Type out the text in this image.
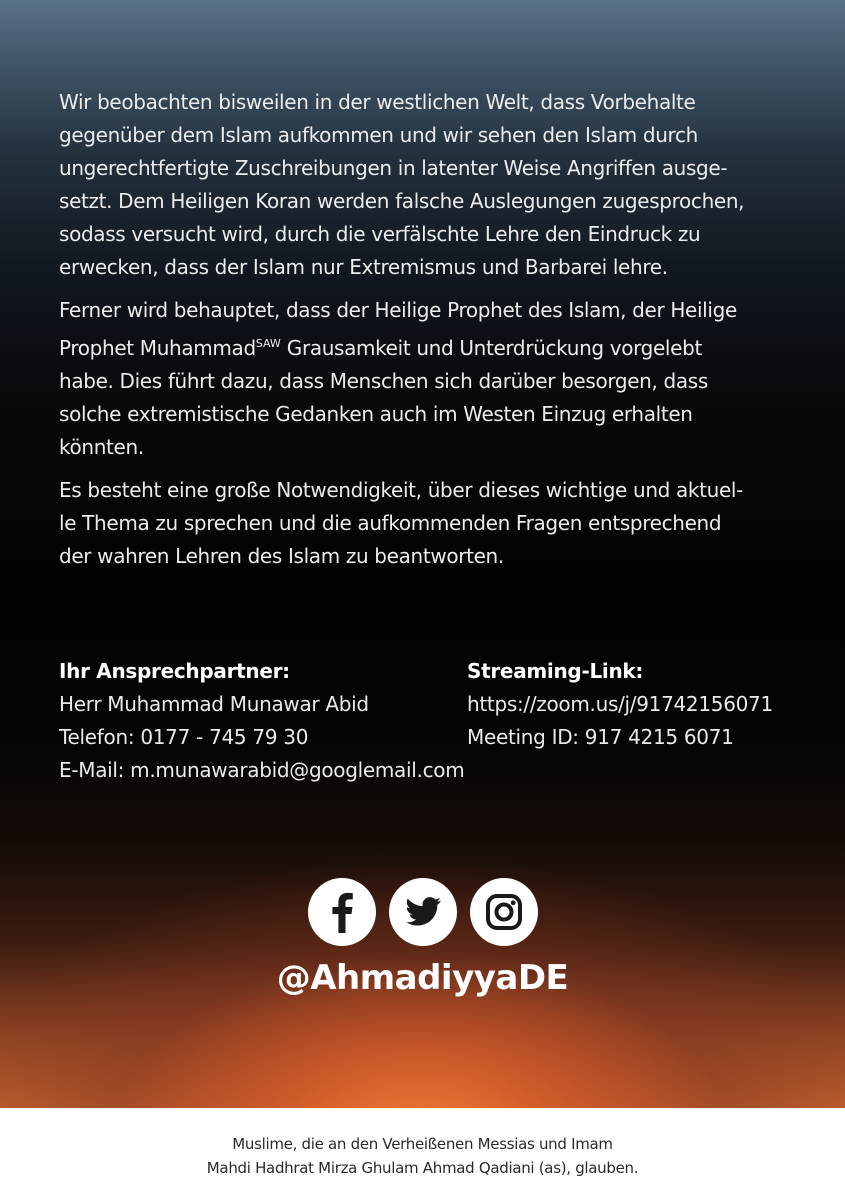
Wir beobachten bisweilen in der westlichen Welt, dass Vorbehalte
gegenüber dem Islam aufkommen und wir sehen den Islam durch
ungerechtfertigte Zuschreibungen in latenter Weise Angriffen ausge-
setzt. Dem Heiligen Koran werden falsche Auslegungen zugesprochen,
sodass versucht wird, durch die verfälschte Lehre den Eindruck zu
erwecken, dass der Islam nur Extremismus und Barbarei lehre.

Ferner wird behauptet, dass der Heilige Prophet des Islam, der Heilige
Prophet Muhammad$^{SAW}$ Grausamkeit und Unterdrückung vorgelebt
habe. Dies führt dazu, dass Menschen sich darüber besorgen, dass
solche extremistische Gedanken auch im Westen Einzug erhalten
könnten.

Es besteht eine große Notwendigkeit, über dieses wichtige und aktuel-
le Thema zu sprechen und die aufkommenden Fragen entsprechend
der wahren Lehren des Islam zu beantworten.

Ihr Ansprechpartner:
Herr Muhammad Munawar Abid
Telefon: 0177 - 745 79 30
E-Mail: m.munawarabid@googlemail.com
Streaming-Link:
https://zoom.us/j/91742156071
Meeting ID: 917 4215 6071
@AhmadiyyaDE
Muslime, die an den Verheißenen Messias und Imam
Mahdi Hadhrat Mirza Ghulam Ahmad Qadiani (as), glauben.
